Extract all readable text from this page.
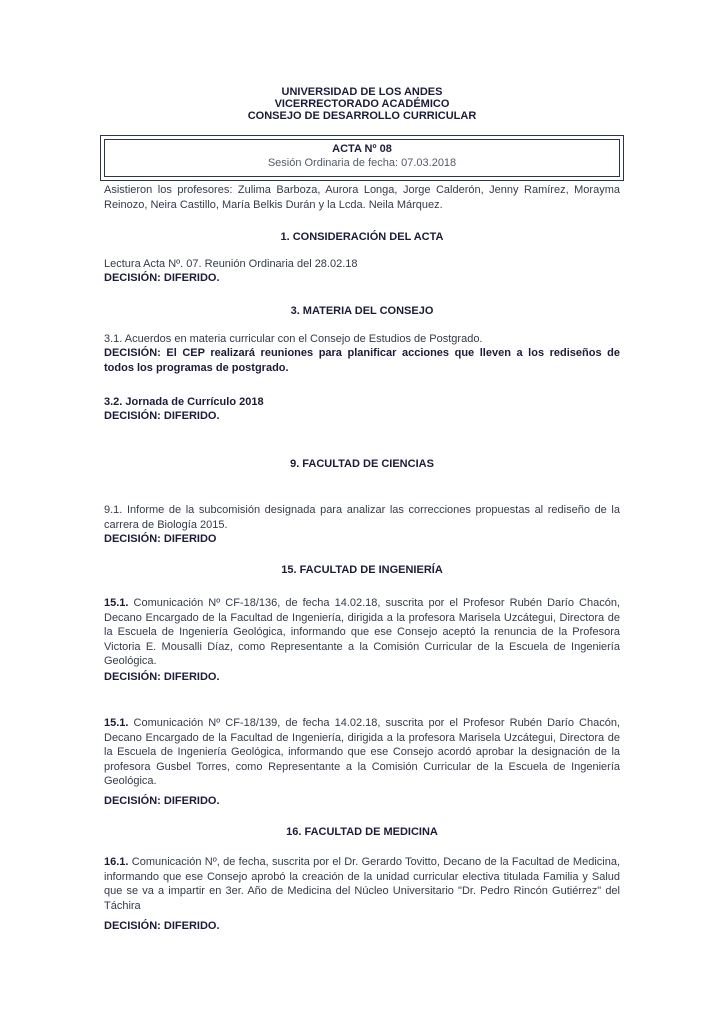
UNIVERSIDAD DE LOS ANDES
VICERRECTORADO ACADÉMICO
CONSEJO DE DESARROLLO CURRICULAR
ACTA Nº 08
Sesión Ordinaria de fecha: 07.03.2018
Asistieron los profesores: Zulima Barboza, Aurora Longa, Jorge Calderón, Jenny Ramírez, Morayma Reinozo, Neira Castillo, María Belkis Durán y la Lcda. Neila Márquez.
1. CONSIDERACIÓN DEL ACTA
Lectura Acta Nº. 07. Reunión Ordinaria del 28.02.18
DECISIÓN: DIFERIDO.
3. MATERIA DEL CONSEJO
3.1. Acuerdos en materia curricular con el Consejo de Estudios de Postgrado.
DECISIÓN: El CEP realizará reuniones para planificar acciones que lleven a los rediseños de todos los programas de postgrado.
3.2. Jornada de Currículo 2018
DECISIÓN: DIFERIDO.
9. FACULTAD DE CIENCIAS
9.1. Informe de la subcomisión designada para analizar las correcciones propuestas al rediseño de la carrera de Biología 2015.
DECISIÓN: DIFERIDO
15. FACULTAD DE INGENIERÍA
15.1. Comunicación Nº CF-18/136, de fecha 14.02.18, suscrita por el Profesor Rubén Darío Chacón, Decano Encargado de la Facultad de Ingeniería, dirigida a la profesora Marisela Uzcátegui, Directora de la Escuela de Ingeniería Geológica, informando que ese Consejo aceptó la renuncia de la Profesora Victoria E. Mousalli Díaz, como Representante a la Comisión Curricular de la Escuela de Ingeniería Geológica.
DECISIÓN: DIFERIDO.
15.1. Comunicación Nº CF-18/139, de fecha 14.02.18, suscrita por el Profesor Rubén Darío Chacón, Decano Encargado de la Facultad de Ingeniería, dirigida a la profesora Marisela Uzcátegui, Directora de la Escuela de Ingeniería Geológica, informando que ese Consejo acordó aprobar la designación de la profesora Gusbel Torres, como Representante a la Comisión Curricular de la Escuela de Ingeniería Geológica.
DECISIÓN: DIFERIDO.
16. FACULTAD DE MEDICINA
16.1. Comunicación Nº, de fecha, suscrita por el Dr. Gerardo Tovitto, Decano de la Facultad de Medicina, informando que ese Consejo aprobó la creación de la unidad curricular electiva titulada Familia y Salud que se va a impartir en 3er. Año de Medicina del Núcleo Universitario "Dr. Pedro Rincón Gutiérrez" del Táchira
DECISIÓN: DIFERIDO.
